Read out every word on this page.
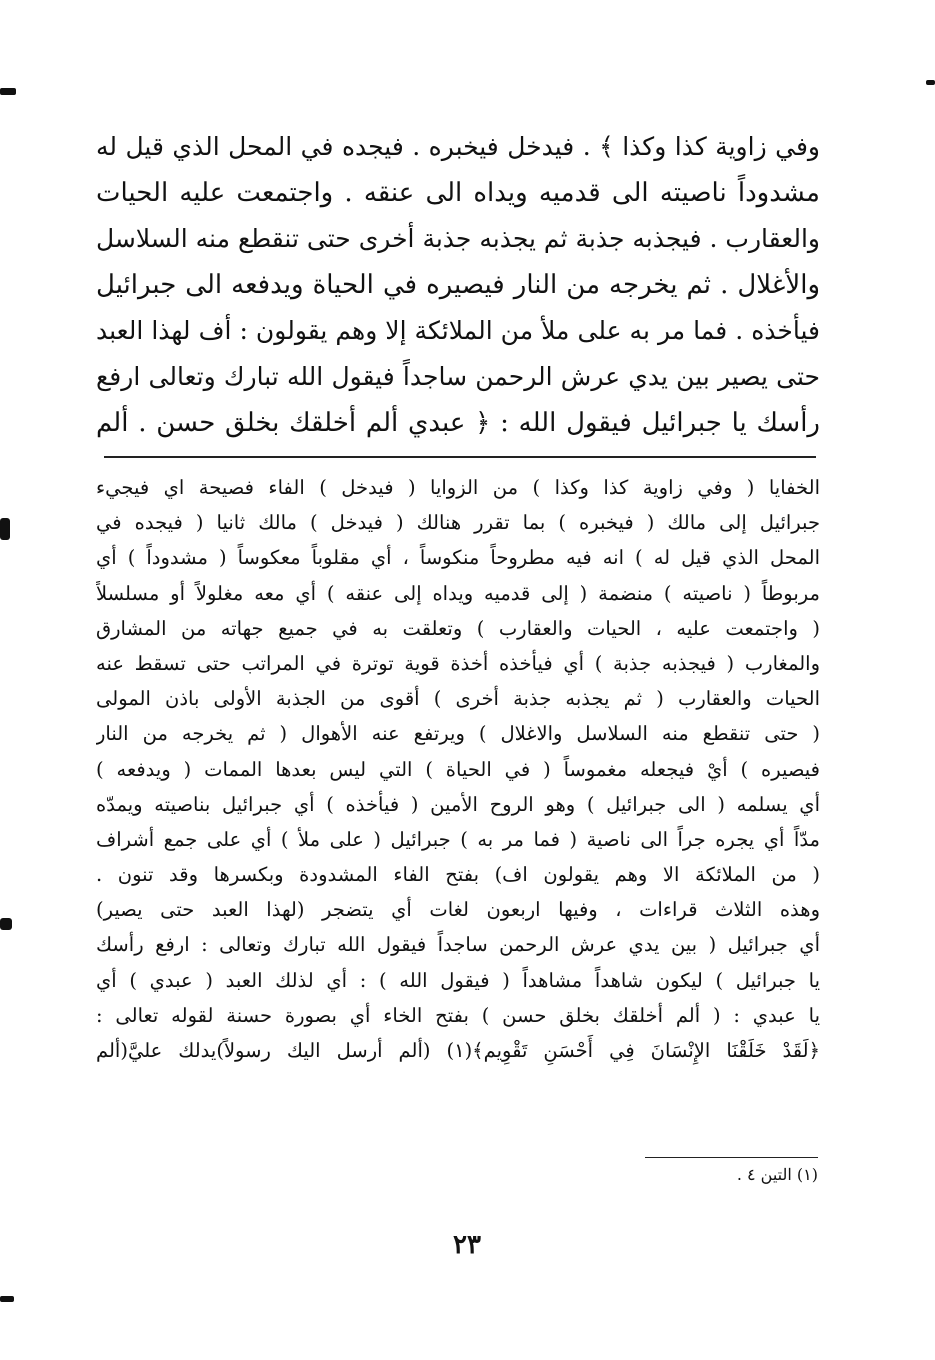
وفي زاوية كذا وكذا ﴾ . فيدخل فيخبره . فيجده في المحل الذي قيل له
مشدوداً ناصيته الى قدميه ويداه الى عنقه . واجتمعت عليه الحيات
والعقارب . فيجذبه جذبة ثم يجذبه جذبة أخرى حتى تنقطع منه السلاسل
والأغلال . ثم يخرجه من النار فيصيره في الحياة ويدفعه الى جبرائيل
فيأخذه . فما مر به على ملأ من الملائكة إلا وهم يقولون : أف لهذا العبد
حتى يصير بين يدي عرش الرحمن ساجداً فيقول الله تبارك وتعالى ارفع
رأسك يا جبرائيل فيقول الله : ﴿ عبدي ألم أخلقك بخلق حسن . ألم
الخفايا ( وفي زاوية كذا وكذا ) من الزوايا ( فيدخل ) الفاء فصيحة اي فيجيء
جبرائيل إلى مالك ( فيخبره ) بما تقرر هنالك ( فيدخل ) مالك ثانيا ( فيجده في
المحل الذي قيل له ) انه فيه مطروحاً منكوساً ، أي مقلوباً معكوساً ( مشدوداً ) أي
مربوطاً ( ناصيته ) منضمة ( إلى قدميه ويداه إلى عنقه ) أي معه مغلولاً أو مسلسلاً
( واجتمعت عليه ، الحيات والعقارب ) وتعلقت به في جميع جهاته من المشارق
والمغارب ( فيجذبه جذبة ) أي فيأخذه أخذة قوية توترة في المراتب حتى تسقط عنه
الحيات والعقارب ( ثم يجذبه جذبة أخرى ) أقوى من الجذبة الأولى باذن المولى
( حتى تنقطع منه السلاسل والاغلال ) ويرتفع عنه الأهوال ( ثم يخرجه من النار
فيصيره ) أيْ فيجعله مغموساً ( في الحياة ) التي ليس بعدها الممات ( ويدفعه )
أي يسلمه ( الى جبرائيل ) وهو الروح الأمين ( فيأخذه ) أي جبرائيل بناصيته ويمدّه
مدّاً أي يجره جراً الى ناصية ( فما مر به ) جبرائيل ( على ملأ ) أي على جمع أشراف
( من الملائكة الا وهم يقولون اف) بفتح الفاء المشدودة وبكسرها وقد تنون .
وهذه الثلاث قراءات ، وفيها اربعون لغات أي يتضجر (لهذا العبد حتى يصير)
أي جبرائيل ( بين يدي عرش الرحمن ساجداً فيقول الله تبارك وتعالى : ارفع رأسك
يا جبرائيل ) ليكون شاهداً مشاهداً ( فيقول الله ) : أي لذلك العبد ( عبدي ) أي
يا عبدي : ( ألم أخلقك بخلق حسن ) بفتح الخاء أي بصورة حسنة لقوله تعالى :
﴿لَقَدْ خَلَقْنَا الإِنْسَانَ فِي أَحْسَنِ تَقْوِيم﴾(١) (ألم أرسل اليك رسولاً)يدلك عليَّ(ألم
(١) التين ٤ .
٢٣
